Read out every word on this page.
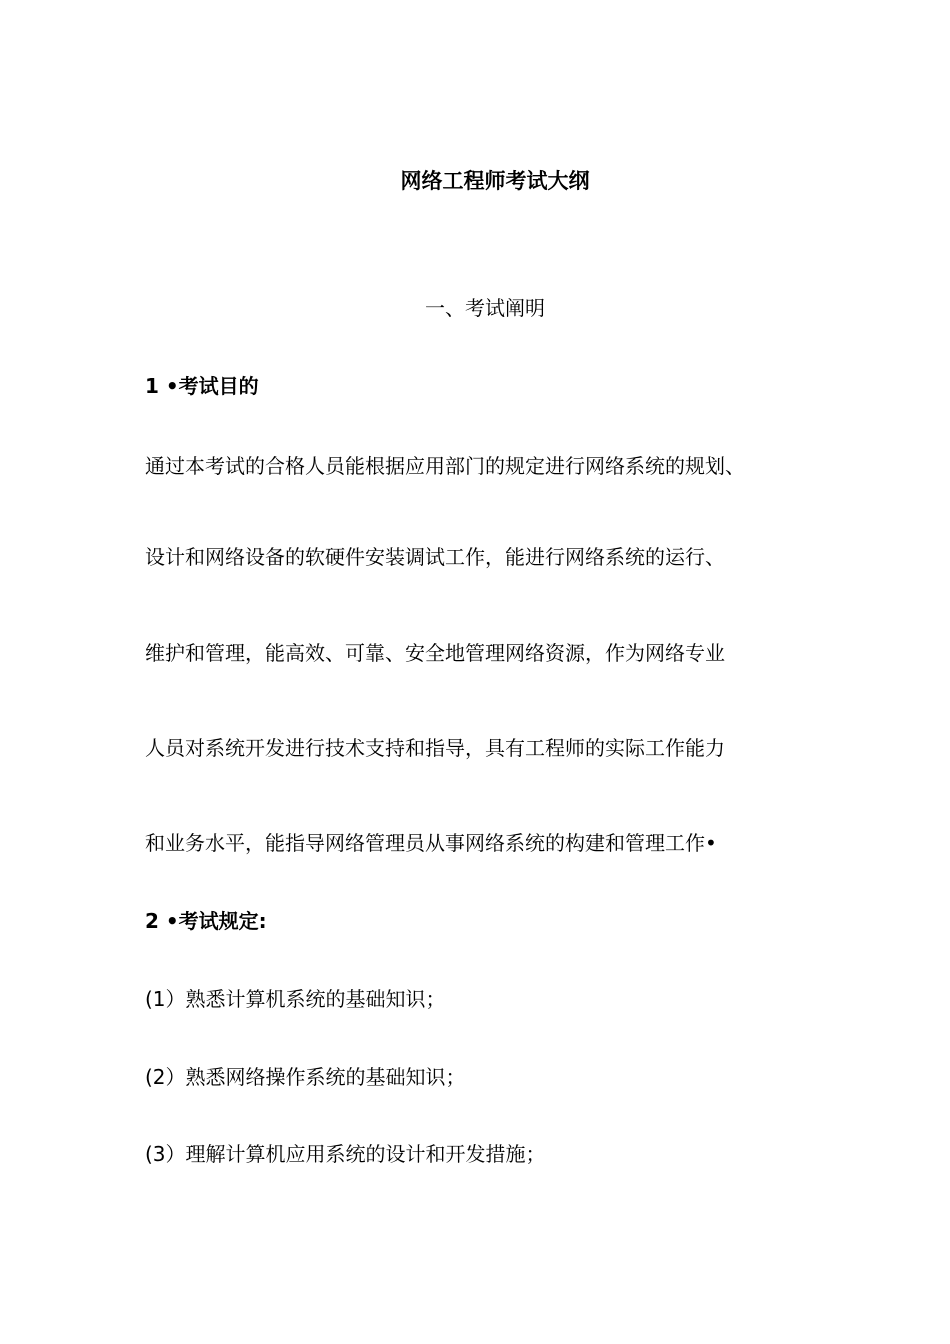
网络工程师考试大纲
一、考试阐明
1 •考试目的
通过本考试的合格人员能根据应用部门的规定进行网络系统的规划、
设计和网络设备的软硬件安装调试工作，能进行网络系统的运行、
维护和管理，能高效、可靠、安全地管理网络资源，作为网络专业
人员对系统开发进行技术支持和指导，具有工程师的实际工作能力
和业务水平，能指导网络管理员从事网络系统的构建和管理工作•
2 •考试规定:
(1）熟悉计算机系统的基础知识；
(2）熟悉网络操作系统的基础知识；
(3）理解计算机应用系统的设计和开发措施；
